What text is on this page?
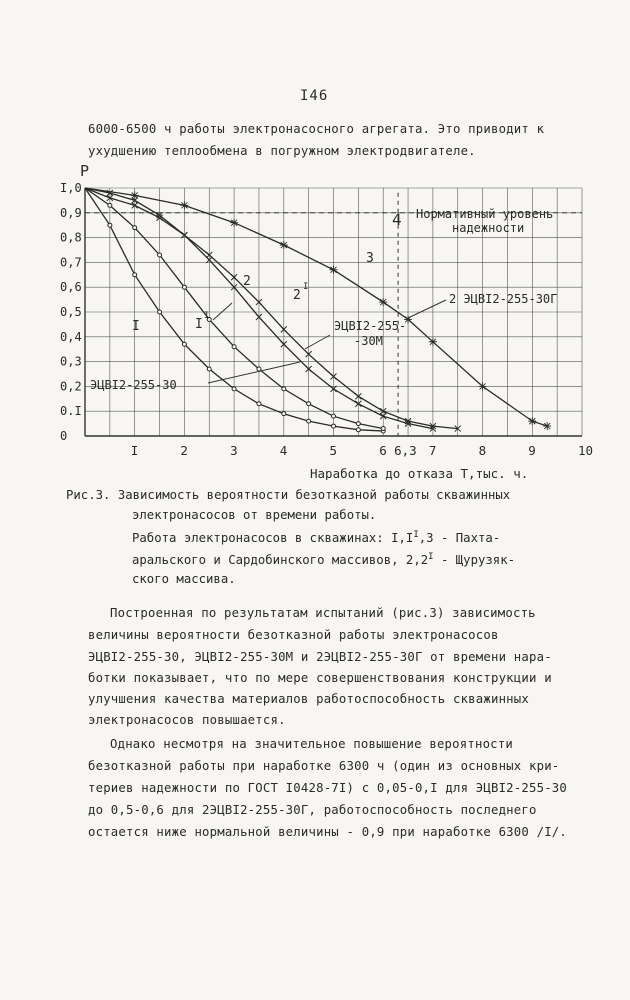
I46
6000-6500 ч работы электронасосного агрегата. Это приводит к
ухудшению теплообмена в погружном электродвигателе.
0
0.I
0,2
0,3
0,4
0,5
0,6
0,7
0,8
0,9
I,0
I	2	3	4	5	6 6,3 7	8	9	10
P
Наработка до отказа T,тыс. ч.
4 Нормативный уровень
надежности
I	I
I
2
2
I
3
ЭЦВI2-255-30
ЭЦВI2-255-
-30М
2 ЭЦВI2-255-30Г
Рис.3. Зависимость вероятности безотказной работы скважинных
электронасосов от времени работы.
Работа электронасосов в скважинах: $I,I^I,3$ - Пахта-
аральского и Сардобинского массивов, $2,2^I$ - Щурузяк-
ского массива.
Построенная по результатам испытаний (рис.3) зависимость
величины вероятности безотказной работы электронасосов
ЭЦВI2-255-30, ЭЦВI2-255-30М и 2ЭЦВI2-255-30Г от времени нара-
ботки показывает, что по мере совершенствования конструкции и
улучшения качества материалов работоспособность скважинных
электронасосов повышается.
Однако несмотря на значительное повышение вероятности
безотказной работы при наработке 6300 ч (один из основных кри-
териев надежности по ГОСТ I0428-7I) с 0,05-0,I для ЭЦВI2-255-30
до 0,5-0,6 для 2ЭЦВI2-255-30Г, работоспособность последнего
остается ниже нормальной величины - 0,9 при наработке 6300 /I/.
